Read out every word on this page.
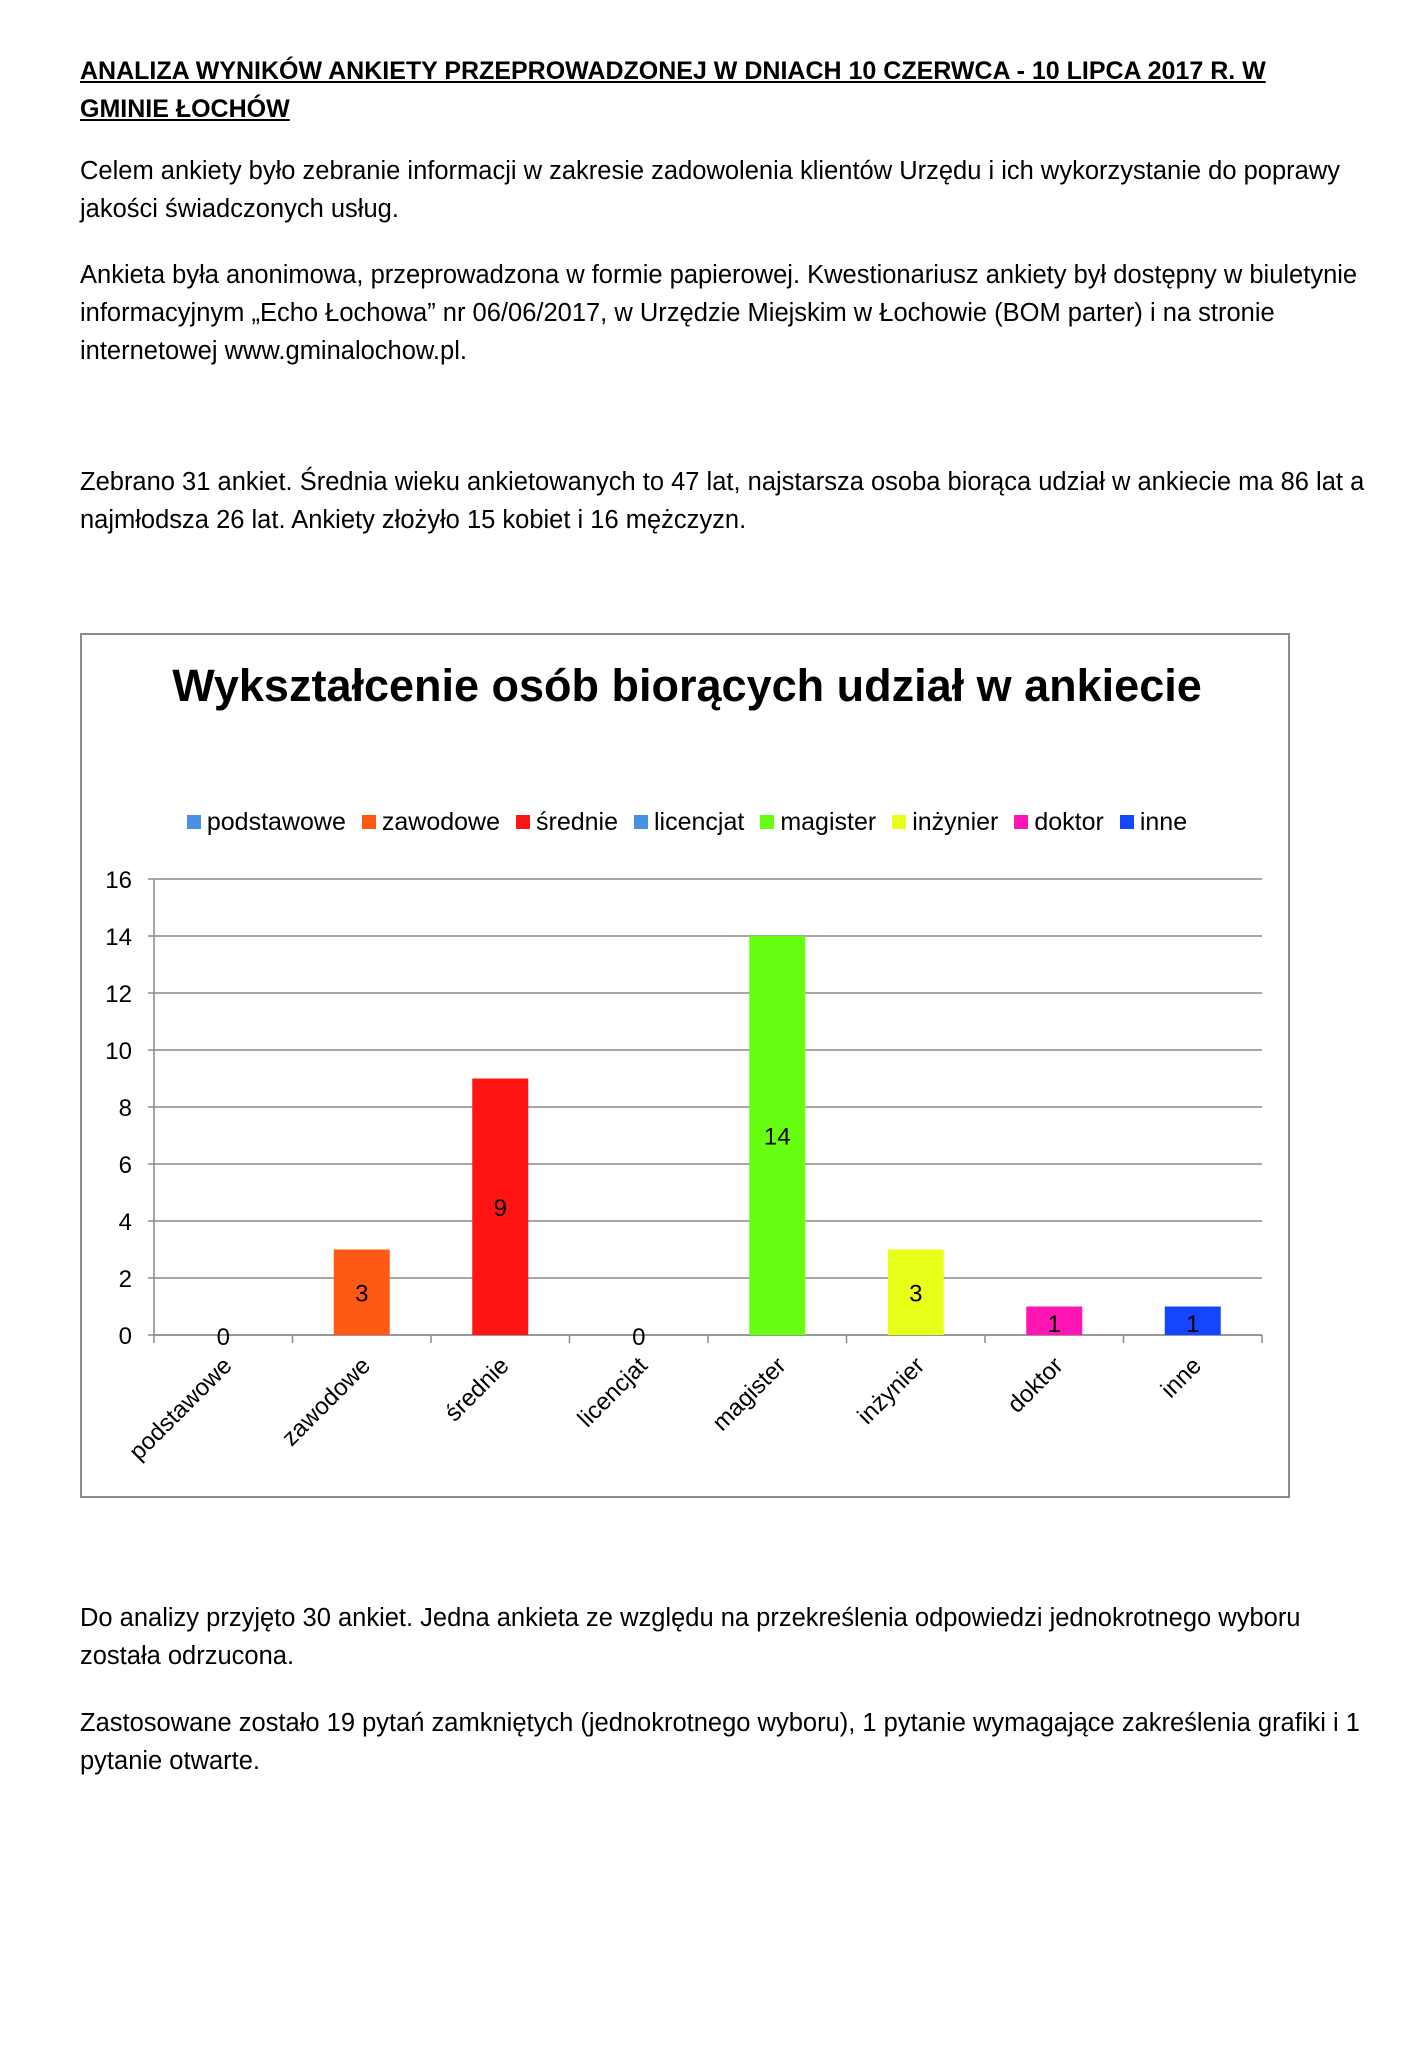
ANALIZA WYNIKÓW ANKIETY PRZEPROWADZONEJ W DNIACH 10 CZERWCA - 10 LIPCA 2017 R. W GMINIE ŁOCHÓW
Celem ankiety było zebranie informacji w zakresie zadowolenia klientów Urzędu i ich wykorzystanie do poprawy jakości świadczonych usług.
Ankieta była anonimowa, przeprowadzona w formie papierowej. Kwestionariusz ankiety był dostępny w biuletynie informacyjnym „Echo Łochowa” nr 06/06/2017, w Urzędzie Miejskim w Łochowie (BOM parter) i na stronie internetowej www.gminalochow.pl.
Zebrano 31 ankiet. Średnia wieku ankietowanych to 47 lat, najstarsza osoba biorąca udział w ankiecie ma 86 lat a najmłodsza 26 lat. Ankiety złożyło 15 kobiet i 16 mężczyzn.
Wykształcenie osób biorących udział w ankiecie
podstawowe zawodowe średnie licencjat magister inżynier doktor inne
0
2
4
6
8
10
12
14
16
0
podstawowe
3
zawodowe
9
średnie
0
licencjat
14
magister
3
inżynier
1
doktor
1
inne
Do analizy przyjęto 30 ankiet. Jedna ankieta ze względu na przekreślenia odpowiedzi jednokrotnego wyboru została odrzucona.
Zastosowane zostało 19 pytań zamkniętych (jednokrotnego wyboru), 1 pytanie wymagające zakreślenia grafiki i 1 pytanie otwarte.
